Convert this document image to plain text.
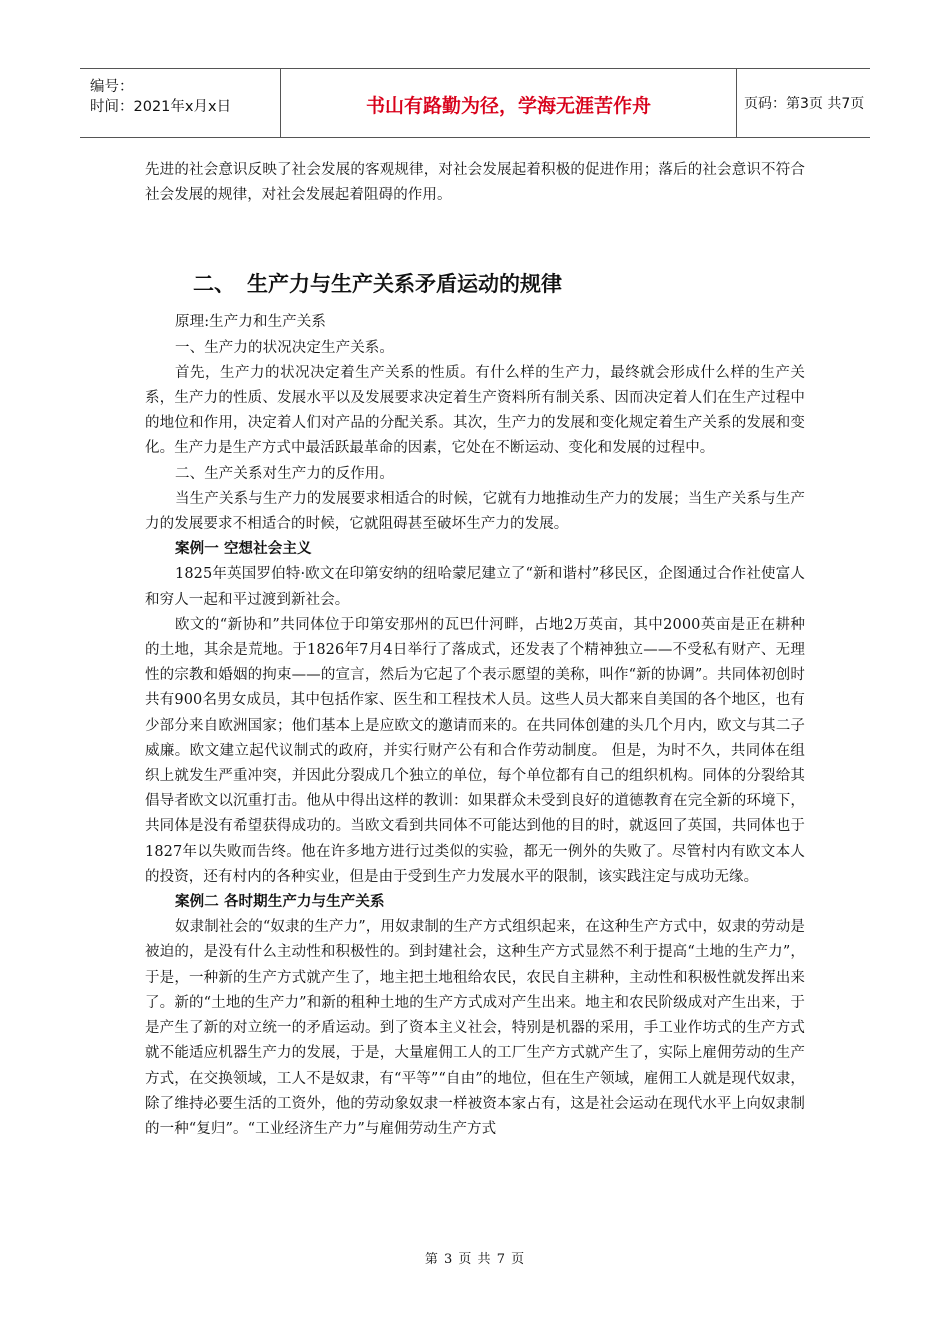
编号：
时间：2021年x月x日	书山有路勤为径，学海无涯苦作舟	页码：第3页 共7页

先进的社会意识反映了社会发展的客观规律，对社会发展起着积极的促进作用；落后的社会意识不符合社会发展的规律，对社会发展起着阻碍的作用。

二、 生产力与生产关系矛盾运动的规律

原理:生产力和生产关系

一、生产力的状况决定生产关系。

首先，生产力的状况决定着生产关系的性质。有什么样的生产力，最终就会形成什么样的生产关系，生产力的性质、发展水平以及发展要求决定着生产资料所有制关系、因而决定着人们在生产过程中的地位和作用，决定着人们对产品的分配关系。其次，生产力的发展和变化规定着生产关系的发展和变化。生产力是生产方式中最活跃最革命的因素，它处在不断运动、变化和发展的过程中。

二、生产关系对生产力的反作用。

当生产关系与生产力的发展要求相适合的时候，它就有力地推动生产力的发展；当生产关系与生产力的发展要求不相适合的时候，它就阻碍甚至破坏生产力的发展。

案例一 空想社会主义

1825年英国罗伯特·欧文在印第安纳的纽哈蒙尼建立了“新和谐村”移民区，企图通过合作社使富人和穷人一起和平过渡到新社会。

欧文的“新协和”共同体位于印第安那州的瓦巴什河畔，占地2万英亩，其中2000英亩是正在耕种的土地，其余是荒地。于1826年7月4日举行了落成式，还发表了个精神独立——不受私有财产、无理性的宗教和婚姻的拘束——的宣言，然后为它起了个表示愿望的美称，叫作“新的协调”。共同体初创时共有900名男女成员，其中包括作家、医生和工程技术人员。这些人员大都来自美国的各个地区，也有少部分来自欧洲国家；他们基本上是应欧文的邀请而来的。在共同体创建的头几个月内，欧文与其二子威廉。欧文建立起代议制式的政府，并实行财产公有和合作劳动制度。 但是，为时不久，共同体在组织上就发生严重冲突，并因此分裂成几个独立的单位，每个单位都有自己的组织机构。同体的分裂给其倡导者欧文以沉重打击。他从中得出这样的教训：如果群众未受到良好的道德教育在完全新的环境下，共同体是没有希望获得成功的。当欧文看到共同体不可能达到他的目的时，就返回了英国，共同体也于1827年以失败而告终。他在许多地方进行过类似的实验，都无一例外的失败了。尽管村内有欧文本人的投资，还有村内的各种实业，但是由于受到生产力发展水平的限制，该实践注定与成功无缘。

案例二 各时期生产力与生产关系

奴隶制社会的“奴隶的生产力”，用奴隶制的生产方式组织起来，在这种生产方式中，奴隶的劳动是被迫的，是没有什么主动性和积极性的。到封建社会，这种生产方式显然不利于提高“土地的生产力”，于是，一种新的生产方式就产生了，地主把土地租给农民，农民自主耕种，主动性和积极性就发挥出来了。新的“土地的生产力”和新的租种土地的生产方式成对产生出来。地主和农民阶级成对产生出来，于是产生了新的对立统一的矛盾运动。到了资本主义社会，特别是机器的采用，手工业作坊式的生产方式就不能适应机器生产力的发展，于是，大量雇佣工人的工厂生产方式就产生了，实际上雇佣劳动的生产方式，在交换领域，工人不是奴隶，有“平等”“自由”的地位，但在生产领域，雇佣工人就是现代奴隶，除了维持必要生活的工资外，他的劳动象奴隶一样被资本家占有，这是社会运动在现代水平上向奴隶制的一种“复归”。“工业经济生产力”与雇佣劳动生产方式

第 3 页 共 7 页
